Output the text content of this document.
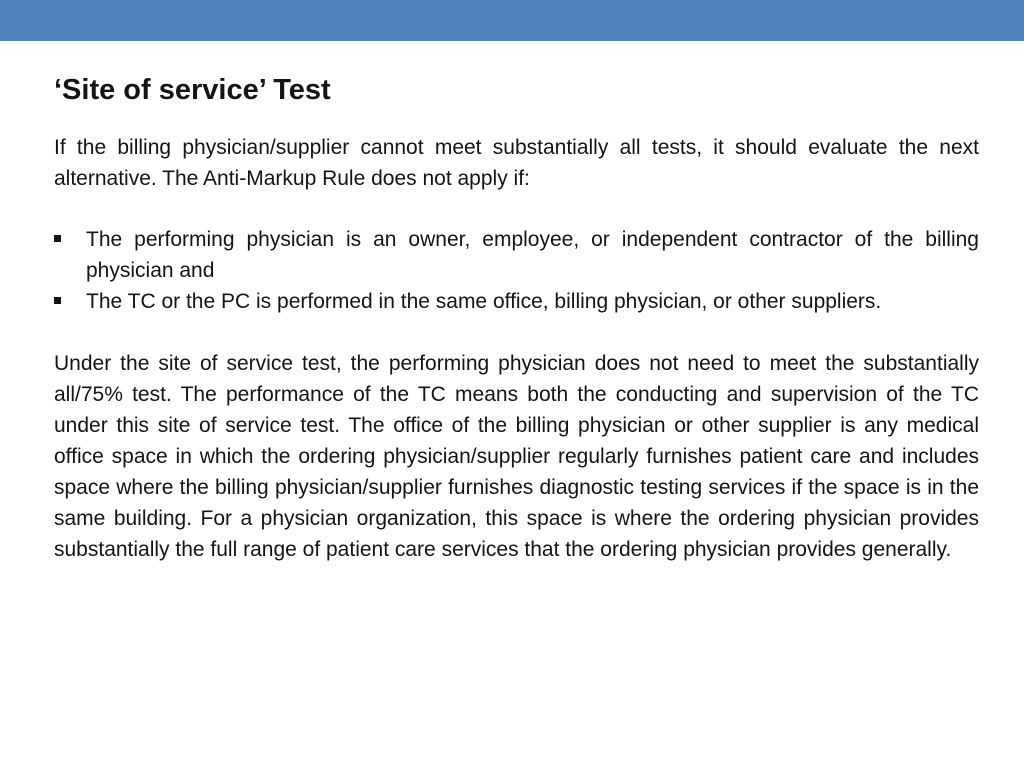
‘Site of service’ Test

If the billing physician/supplier cannot meet substantially all tests, it should evaluate the next alternative. The Anti-Markup Rule does not apply if:

The performing physician is an owner, employee, or independent contractor of the billing physician and
The TC or the PC is performed in the same office, billing physician, or other suppliers.

Under the site of service test, the performing physician does not need to meet the substantially all/75% test. The performance of the TC means both the conducting and supervision of the TC under this site of service test. The office of the billing physician or other supplier is any medical office space in which the ordering physician/supplier regularly furnishes patient care and includes space where the billing physician/supplier furnishes diagnostic testing services if the space is in the same building. For a physician organization, this space is where the ordering physician provides substantially the full range of patient care services that the ordering physician provides generally.
